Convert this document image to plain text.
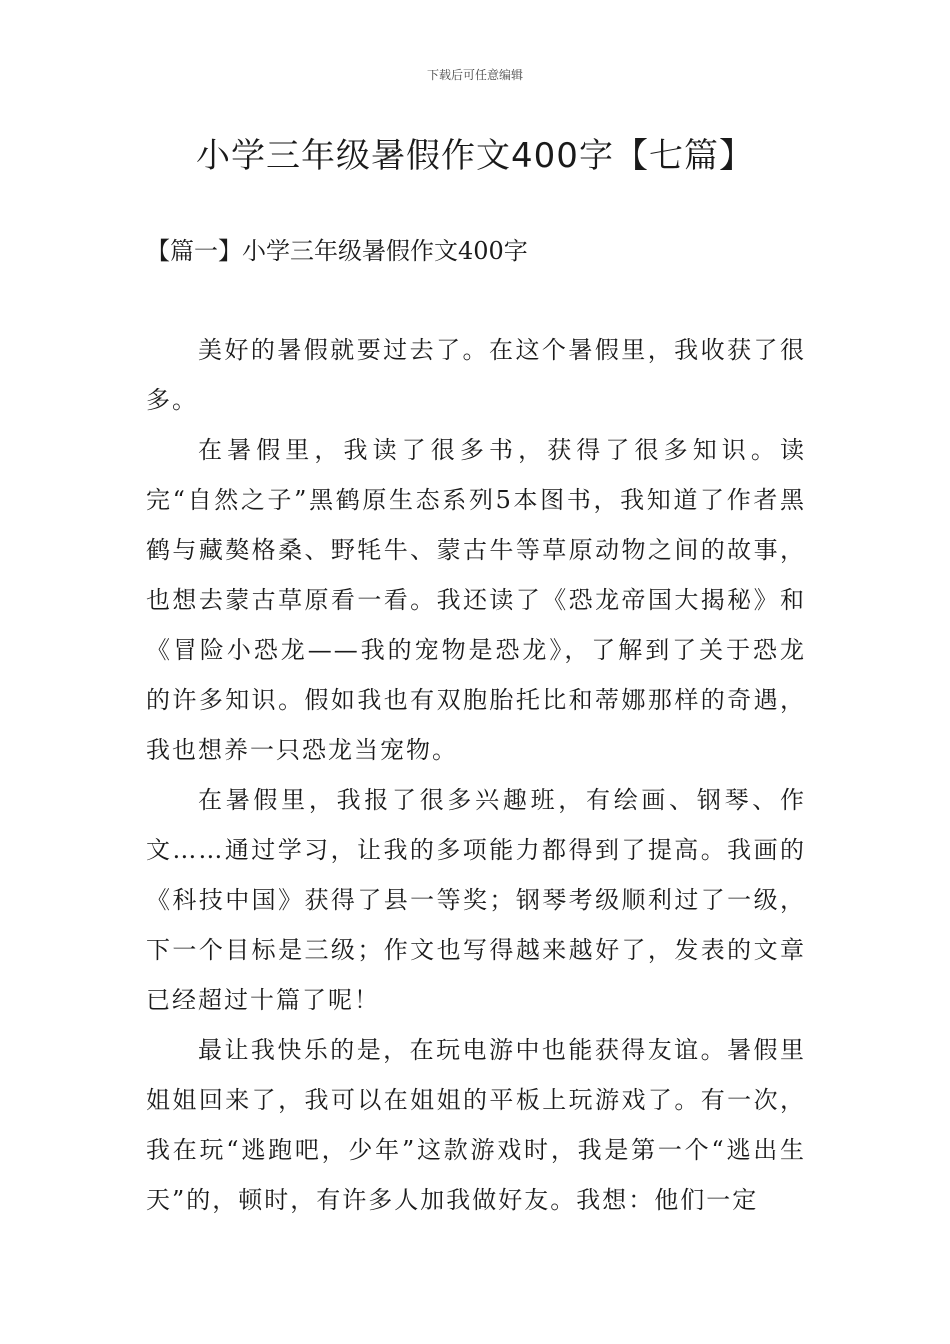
下载后可任意编辑
小学三年级暑假作文400字【七篇】
【篇一】小学三年级暑假作文400字

美好的暑假就要过去了。在这个暑假里，我收获了很多。

在暑假里，我读了很多书，获得了很多知识。读完“自然之子”黑鹤原生态系列5本图书，我知道了作者黑鹤与藏獒格桑、野牦牛、蒙古牛等草原动物之间的故事，也想去蒙古草原看一看。我还读了《恐龙帝国大揭秘》和《冒险小恐龙——我的宠物是恐龙》，了解到了关于恐龙的许多知识。假如我也有双胞胎托比和蒂娜那样的奇遇，我也想养一只恐龙当宠物。

在暑假里，我报了很多兴趣班，有绘画、钢琴、作文……通过学习，让我的多项能力都得到了提高。我画的《科技中国》获得了县一等奖；钢琴考级顺利过了一级，下一个目标是三级；作文也写得越来越好了，发表的文章已经超过十篇了呢！

最让我快乐的是，在玩电游中也能获得友谊。暑假里姐姐回来了，我可以在姐姐的平板上玩游戏了。有一次，我在玩“逃跑吧，少年”这款游戏时，我是第一个“逃出生天”的，顿时，有许多人加我做好友。我想：他们一定
